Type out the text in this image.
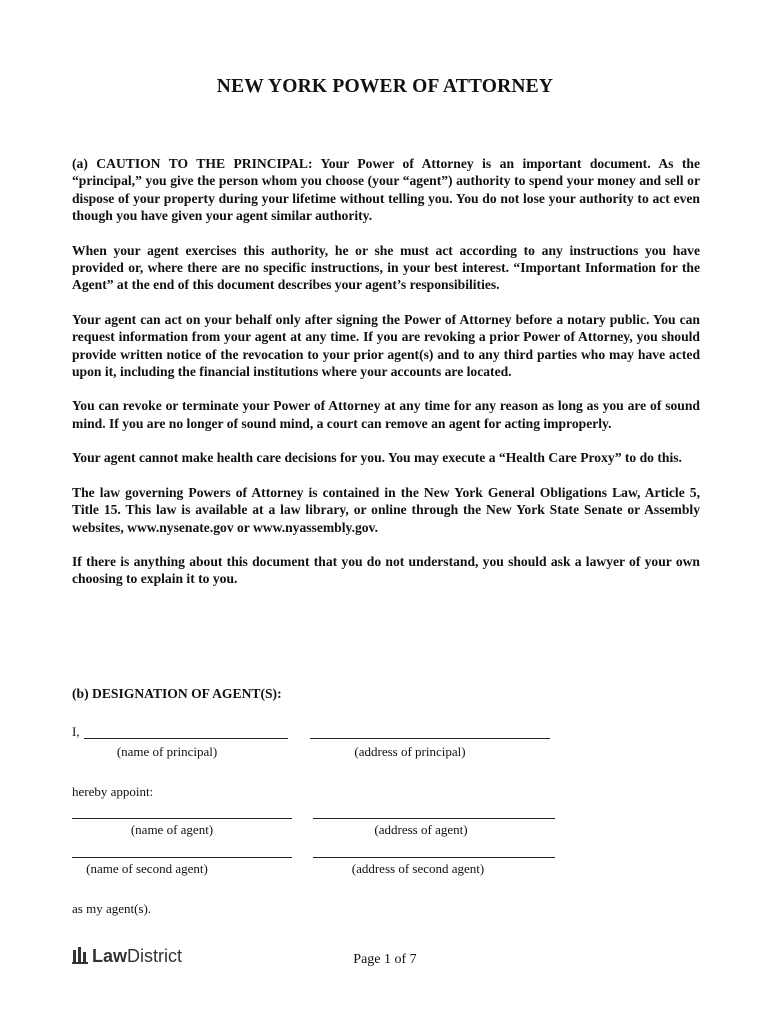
NEW YORK POWER OF ATTORNEY

(a) CAUTION TO THE PRINCIPAL: Your Power of Attorney is an important document. As the “principal,” you give the person whom you choose (your “agent”) authority to spend your money and sell or dispose of your property during your lifetime without telling you. You do not lose your authority to act even though you have given your agent similar authority.

When your agent exercises this authority, he or she must act according to any instructions you have provided or, where there are no specific instructions, in your best interest. “Important Information for the Agent” at the end of this document describes your agent’s responsibilities.

Your agent can act on your behalf only after signing the Power of Attorney before a notary public. You can request information from your agent at any time. If you are revoking a prior Power of Attorney, you should provide written notice of the revocation to your prior agent(s) and to any third parties who may have acted upon it, including the financial institutions where your accounts are located.

You can revoke or terminate your Power of Attorney at any time for any reason as long as you are of sound mind. If you are no longer of sound mind, a court can remove an agent for acting improperly.

Your agent cannot make health care decisions for you. You may execute a “Health Care Proxy” to do this.

The law governing Powers of Attorney is contained in the New York General Obligations Law, Article 5, Title 15. This law is available at a law library, or online through the New York State Senate or Assembly websites, www.nysenate.gov or www.nyassembly.gov.

If there is anything about this document that you do not understand, you should ask a lawyer of your own choosing to explain it to you.

(b) DESIGNATION OF AGENT(S):
I,
(name of principal)	(address of principal)
hereby appoint:
(name of agent)	(address of agent)
(name of second agent)	(address of second agent)
as my agent(s).
Law District	Page 1 of 7
